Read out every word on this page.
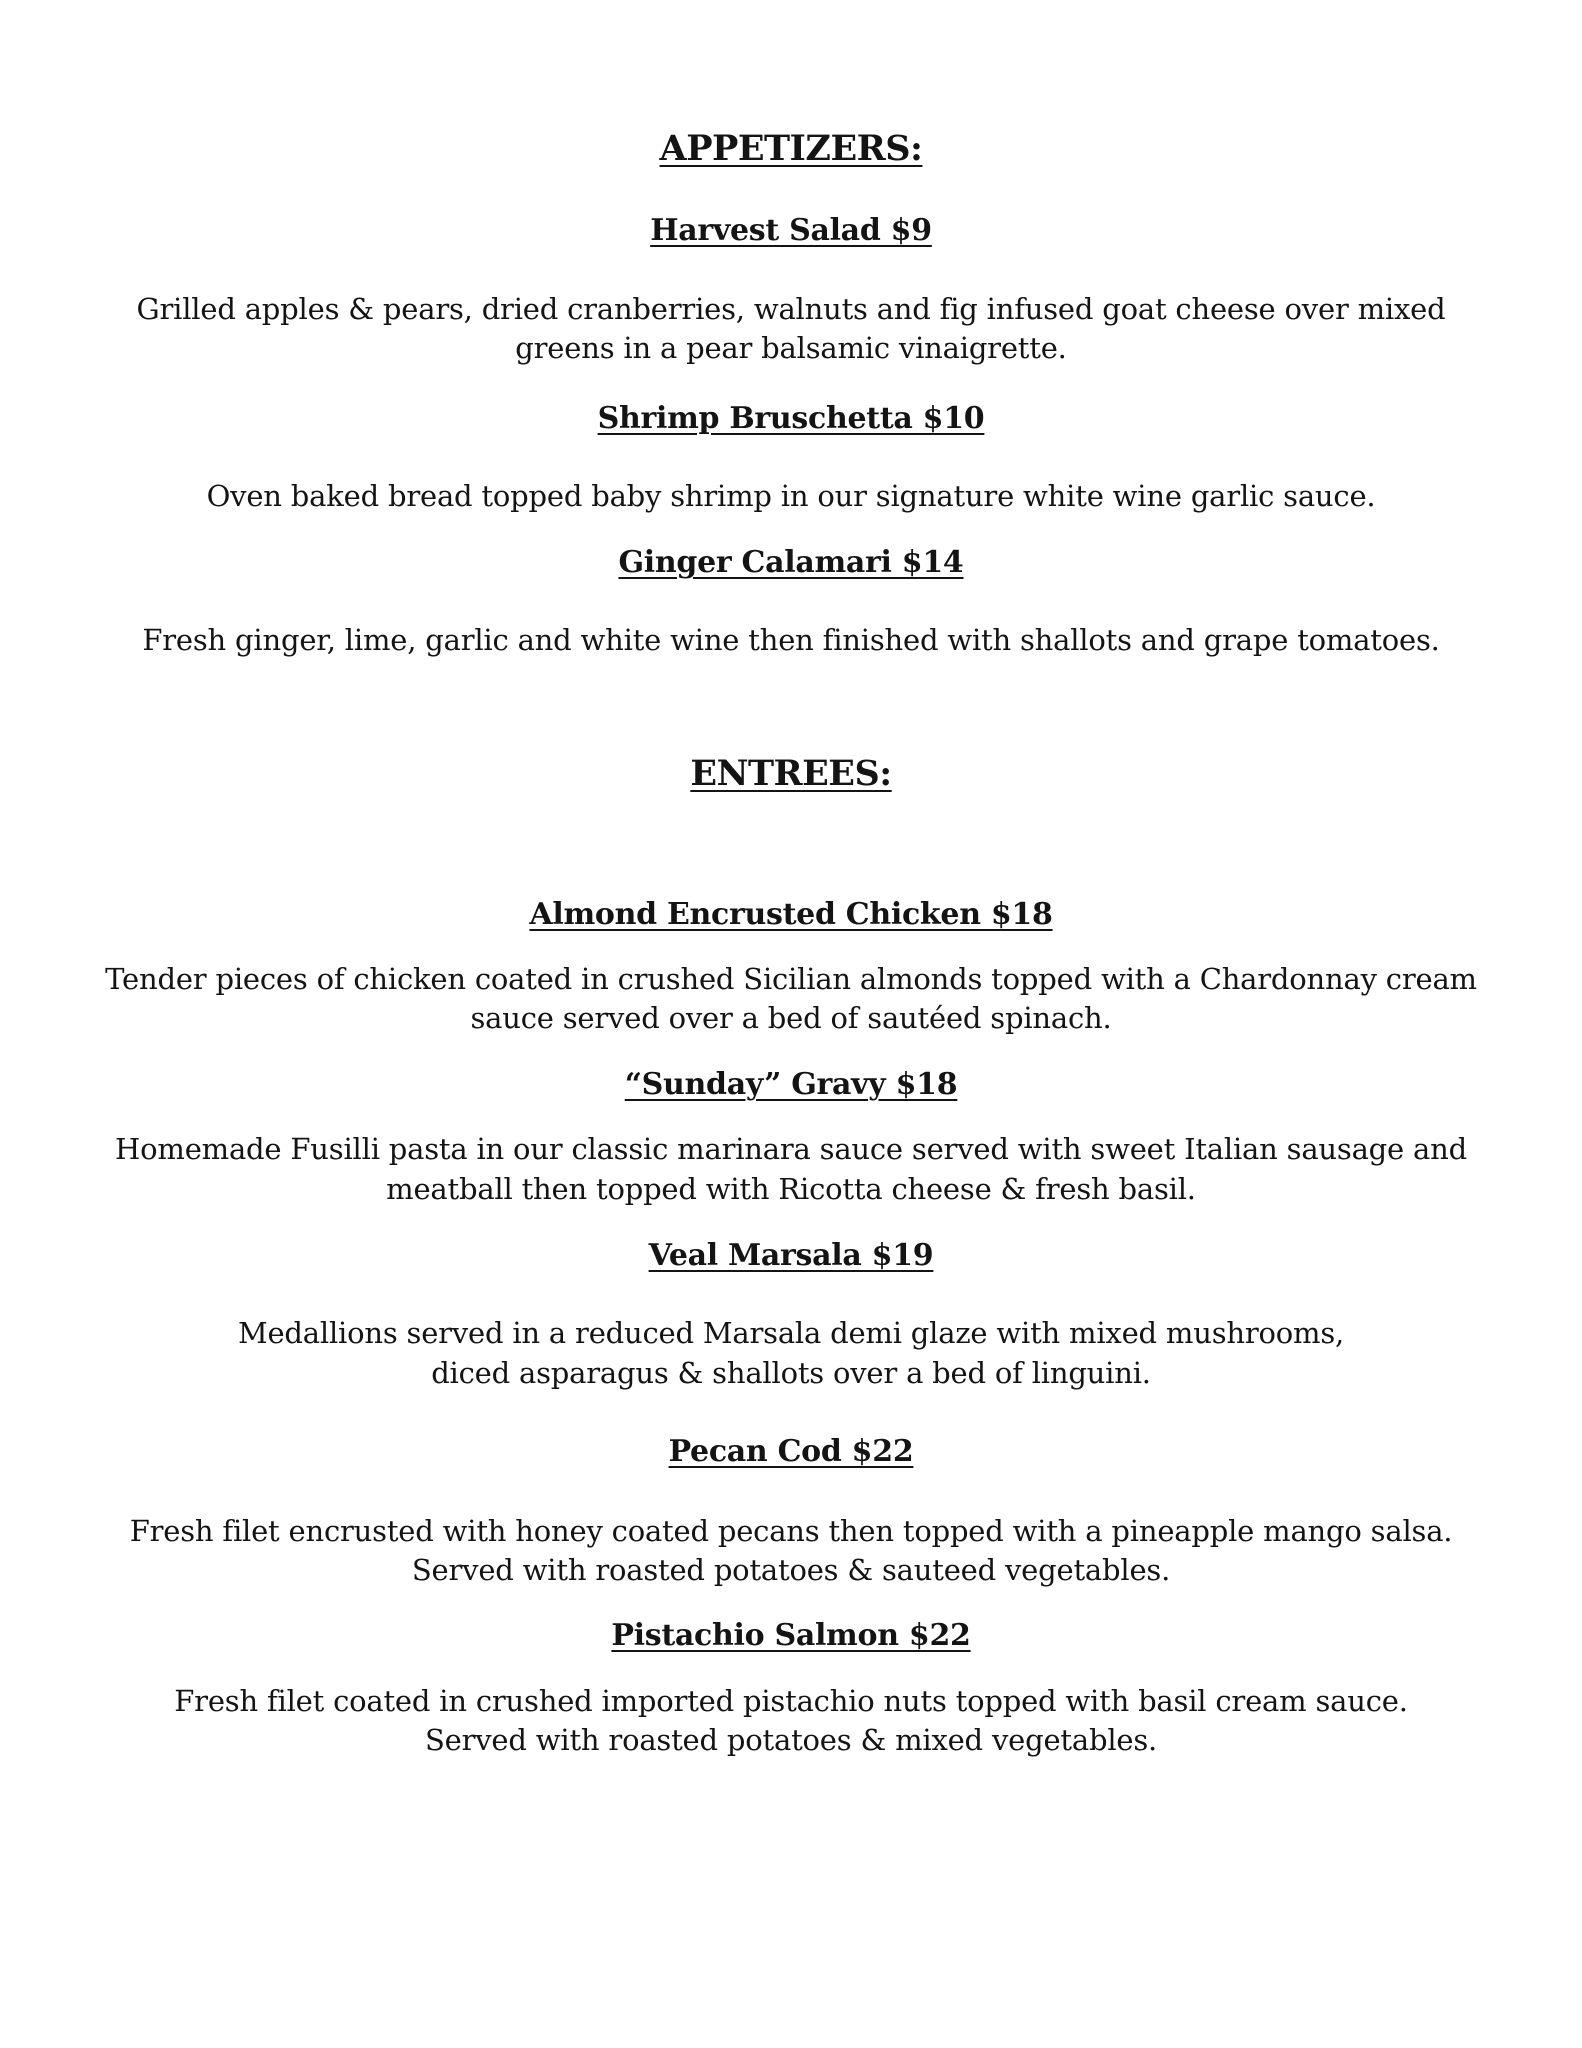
APPETIZERS:
Harvest Salad $9
Grilled apples & pears, dried cranberries, walnuts and fig infused goat cheese over mixed
greens in a pear balsamic vinaigrette.
Shrimp Bruschetta $10
Oven baked bread topped baby shrimp in our signature white wine garlic sauce.
Ginger Calamari $14
Fresh ginger, lime, garlic and white wine then finished with shallots and grape tomatoes.
ENTREES:
Almond Encrusted Chicken $18
Tender pieces of chicken coated in crushed Sicilian almonds topped with a Chardonnay cream
sauce served over a bed of sautéed spinach.
“Sunday” Gravy $18
Homemade Fusilli pasta in our classic marinara sauce served with sweet Italian sausage and
meatball then topped with Ricotta cheese & fresh basil.
Veal Marsala $19
Medallions served in a reduced Marsala demi glaze with mixed mushrooms,
diced asparagus & shallots over a bed of linguini.
Pecan Cod $22
Fresh filet encrusted with honey coated pecans then topped with a pineapple mango salsa.
Served with roasted potatoes & sauteed vegetables.
Pistachio Salmon $22
Fresh filet coated in crushed imported pistachio nuts topped with basil cream sauce.
Served with roasted potatoes & mixed vegetables.
